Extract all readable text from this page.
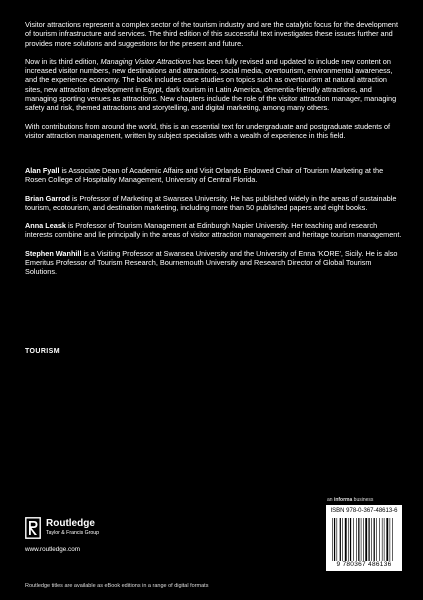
Visitor attractions represent a complex sector of the tourism industry and are the catalytic focus for the development of tourism infrastructure and services. The third edition of this successful text investigates these issues further and provides more solutions and suggestions for the present and future.

Now in its third edition, Managing Visitor Attractions has been fully revised and updated to include new content on increased visitor numbers, new destinations and attractions, social media, overtourism, environmental awareness, and the experience economy. The book includes case studies on topics such as overtourism at natural attraction sites, new attraction development in Egypt, dark tourism in Latin America, dementia-friendly attractions, and managing sporting venues as attractions. New chapters include the role of the visitor attraction manager, managing safety and risk, themed attractions and storytelling, and digital marketing, among many others.

With contributions from around the world, this is an essential text for undergraduate and postgraduate students of visitor attraction management, written by subject specialists with a wealth of experience in this field.

Alan Fyall is Associate Dean of Academic Affairs and Visit Orlando Endowed Chair of Tourism Marketing at the Rosen College of Hospitality Management, University of Central Florida.

Brian Garrod is Professor of Marketing at Swansea University. He has published widely in the areas of sustainable tourism, ecotourism, and destination marketing, including more than 50 published papers and eight books.

Anna Leask is Professor of Tourism Management at Edinburgh Napier University. Her teaching and research interests combine and lie principally in the areas of visitor attraction management and heritage tourism management.

Stephen Wanhill is a Visiting Professor at Swansea University and the University of Enna 'KORE', Sicily. He is also Emeritus Professor of Tourism Research, Bournemouth University and Research Director of Global Tourism Solutions.

TOURISM
an informa business
Routledge
Taylor & Francis Group
www.routledge.com
ISBN 978-0-367-48613-6
9 780367 486136
Routledge titles are available as eBook editions in a range of digital formats
